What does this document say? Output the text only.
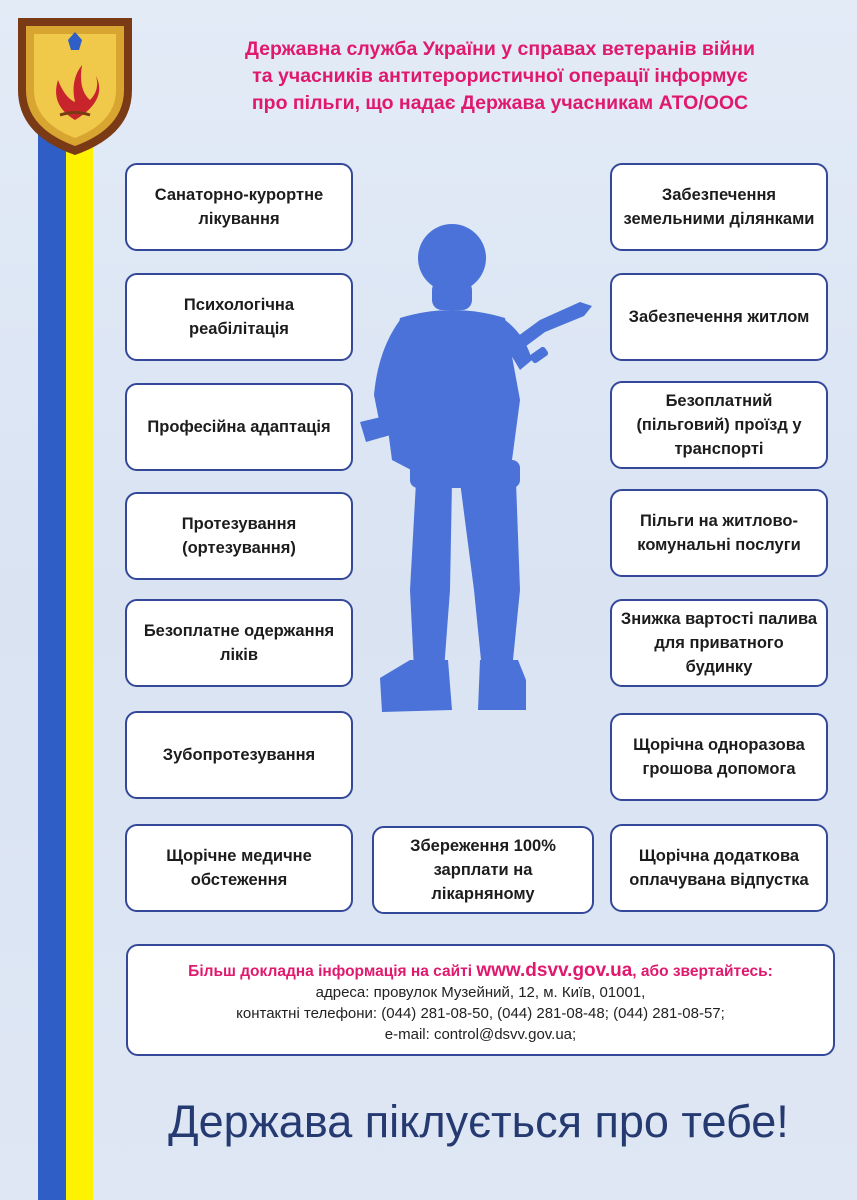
Державна служба України у справах ветеранів війни
та учасників антитерористичної операції інформує
про пільги, що надає Держава учасникам АТО/ООС
Санаторно-курортне лікування
Психологічна реабілітація
Професійна адаптація
Протезування (ортезування)
Безоплатне одержання ліків
Зубопротезування
Щорічне медичне обстеження
Збереження 100% зарплати на лікарняному
Забезпечення земельними ділянками
Забезпечення житлом
Безоплатний (пільговий) проїзд у транспорті
Пільги на житлово-комунальні послуги
Знижка вартості палива для приватного будинку
Щорічна одноразова грошова допомога
Щорічна додаткова оплачувана відпустка
Більш докладна інформація на сайті www.dsvv.gov.ua, або звертайтесь:
адреса: провулок Музейний, 12, м. Київ, 01001,
контактні телефони: (044) 281-08-50, (044) 281-08-48; (044) 281-08-57;
e-mail: control@dsvv.gov.ua;
Держава піклується про тебе!
